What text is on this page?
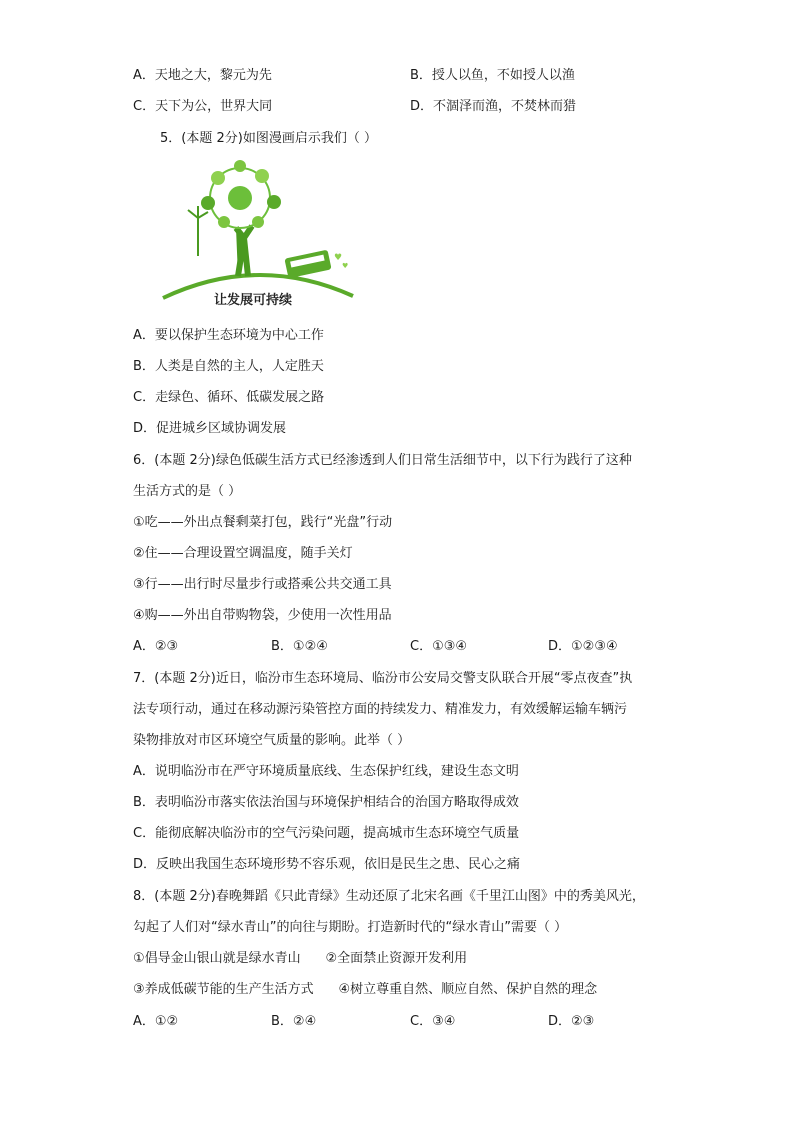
A．天地之大，黎元为先	B．授人以鱼，不如授人以渔
C．天下为公，世界大同	D．不涸泽而渔，不焚林而猎
5．(本题 2分)如图漫画启示我们（ ）
♥
♥
让发展可持续
A．要以保护生态环境为中心工作
B．人类是自然的主人，人定胜天
C．走绿色、循环、低碳发展之路
D．促进城乡区域协调发展
6．(本题 2分)绿色低碳生活方式已经渗透到人们日常生活细节中，以下行为践行了这种
生活方式的是（ ）
①吃——外出点餐剩菜打包，践行“光盘”行动
②住——合理设置空调温度，随手关灯
③行——出行时尽量步行或搭乘公共交通工具
④购——外出自带购物袋，少使用一次性用品
A．②③	B．①②④	C．①③④	D．①②③④
7．(本题 2分)近日，临汾市生态环境局、临汾市公安局交警支队联合开展“零点夜查”执
法专项行动，通过在移动源污染管控方面的持续发力、精准发力，有效缓解运输车辆污
染物排放对市区环境空气质量的影响。此举（ ）
A．说明临汾市在严守环境质量底线、生态保护红线，建设生态文明
B．表明临汾市落实依法治国与环境保护相结合的治国方略取得成效
C．能彻底解决临汾市的空气污染问题，提高城市生态环境空气质量
D．反映出我国生态环境形势不容乐观，依旧是民生之患、民心之痛
8．(本题 2分)春晚舞蹈《只此青绿》生动还原了北宋名画《千里江山图》中的秀美风光，
勾起了人们对“绿水青山”的向往与期盼。打造新时代的“绿水青山”需要（ ）
①倡导金山银山就是绿水青山      ②全面禁止资源开发利用
③养成低碳节能的生产生活方式      ④树立尊重自然、顺应自然、保护自然的理念
A．①②	B．②④	C．③④	D．②③
